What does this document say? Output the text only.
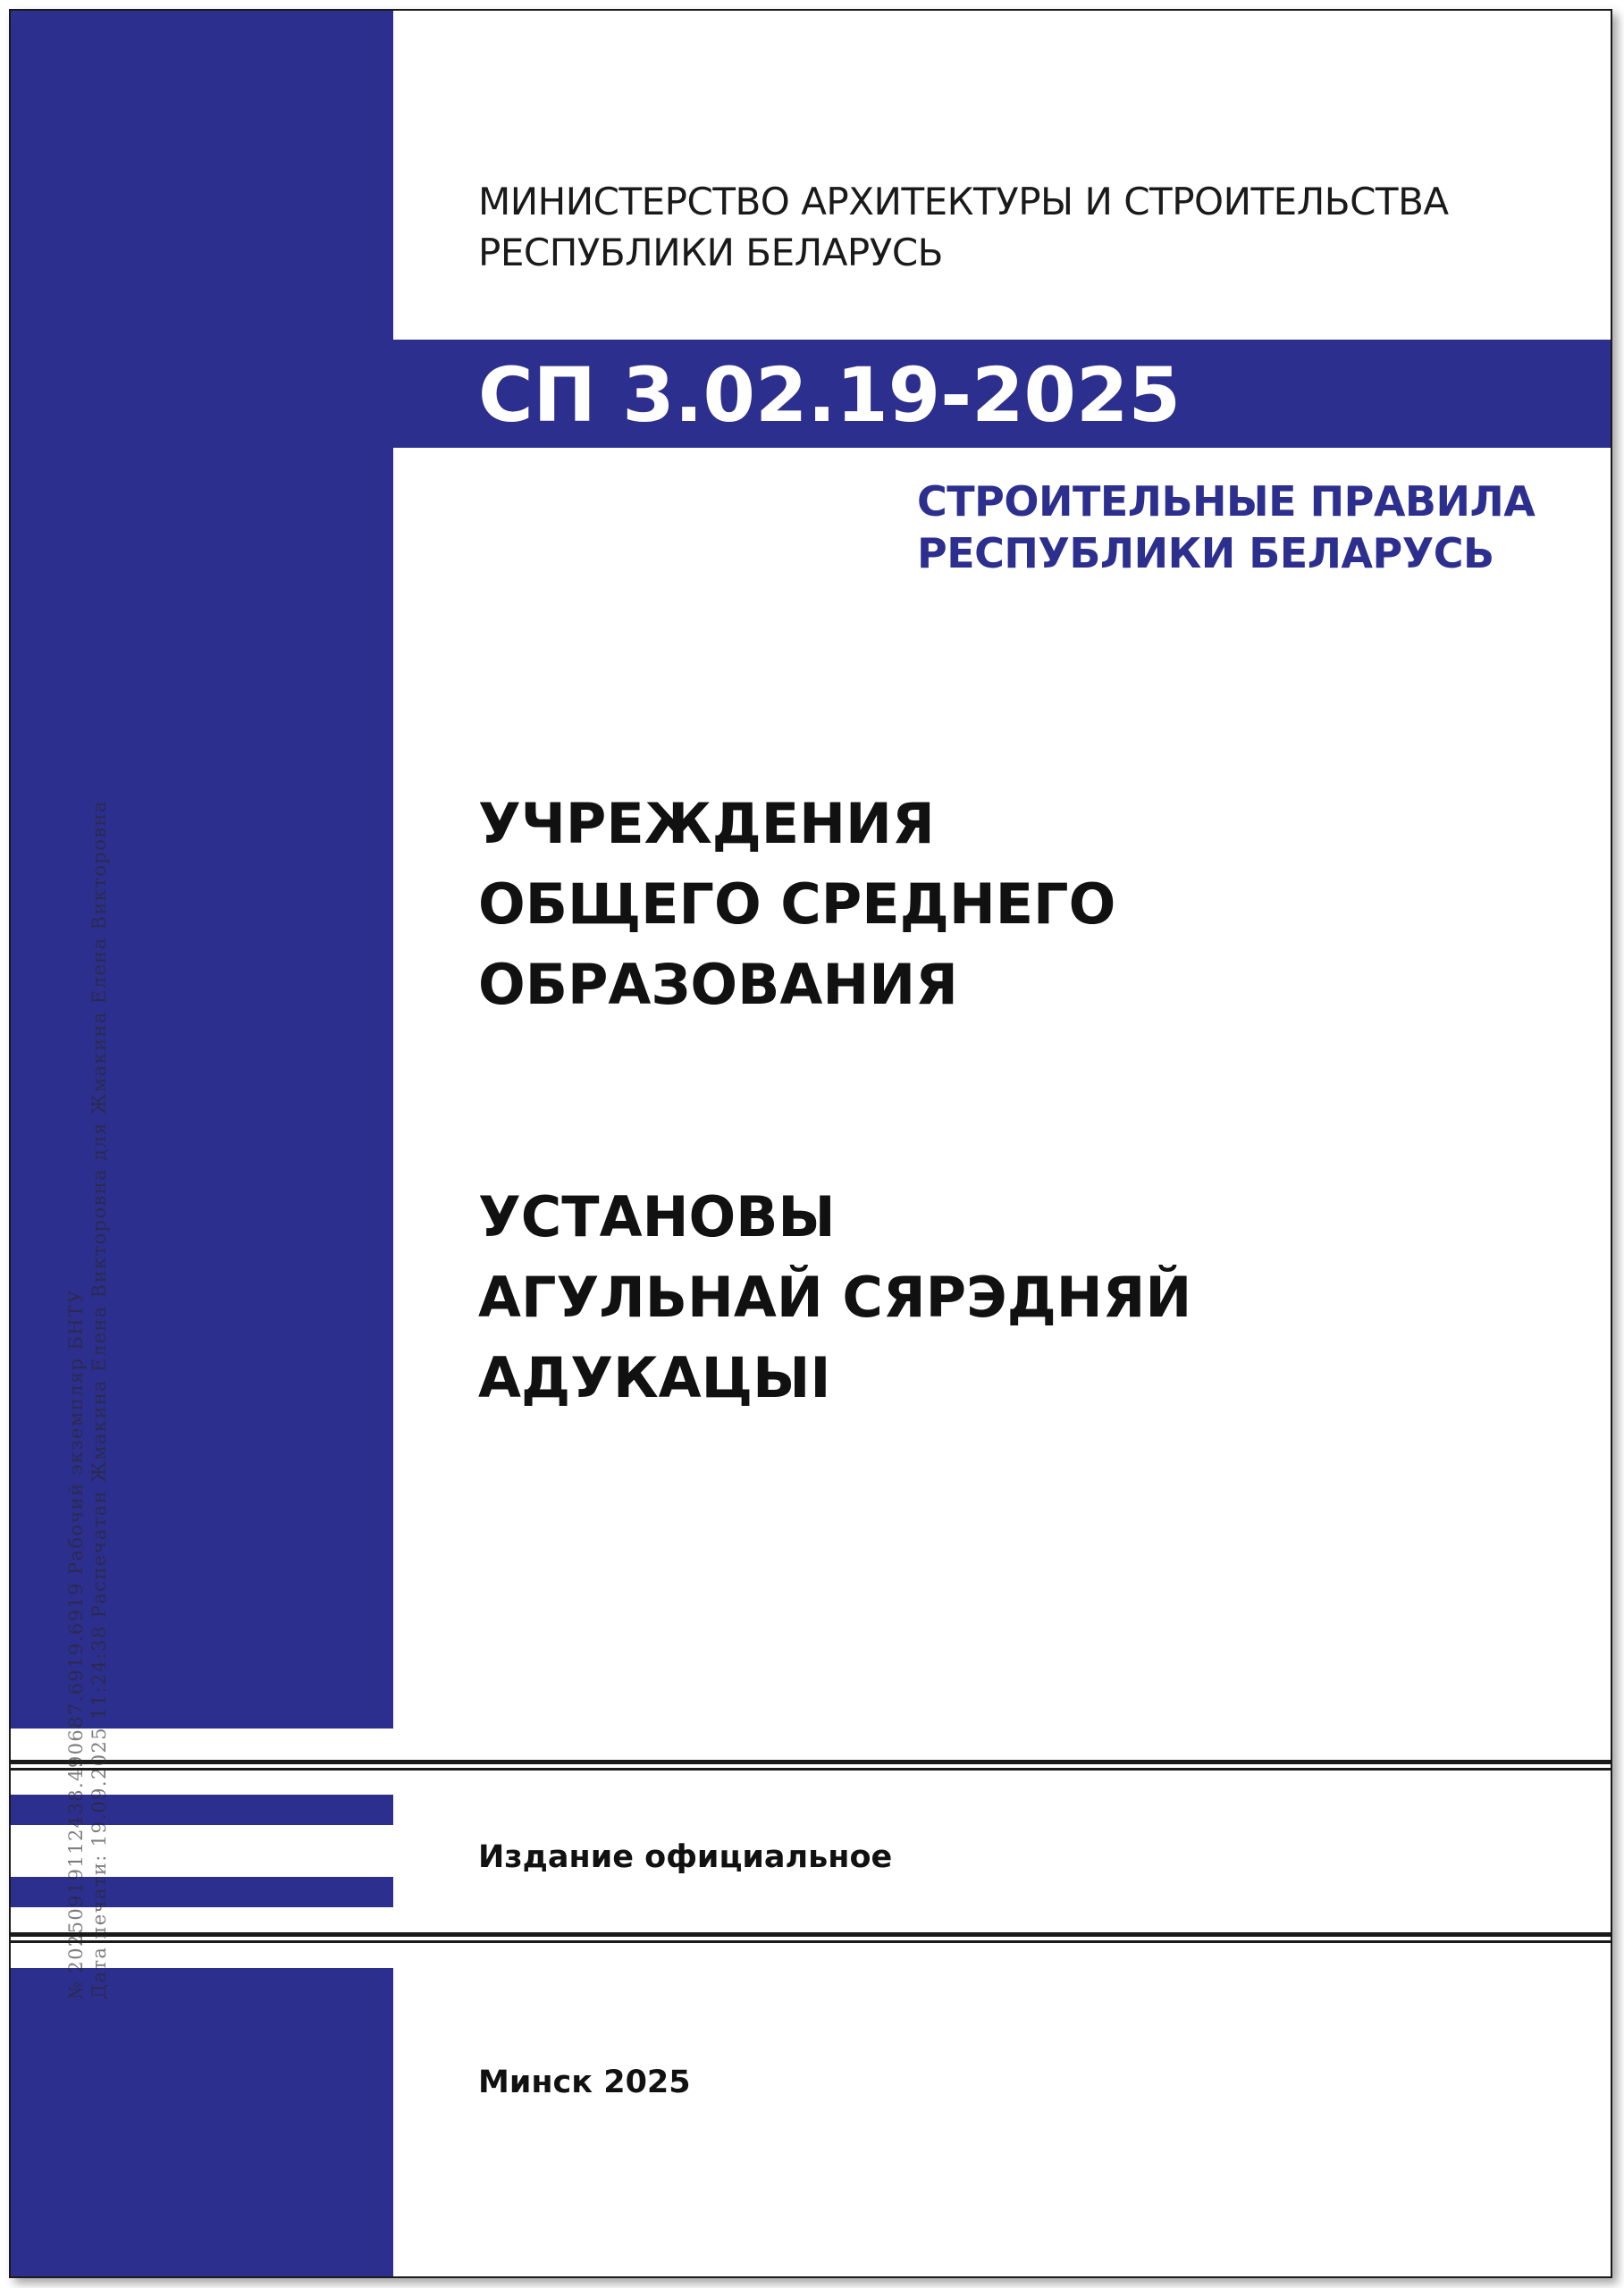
МИНИСТЕРСТВО АРХИТЕКТУРЫ И СТРОИТЕЛЬСТВА
РЕСПУБЛИКИ БЕЛАРУСЬ
СП 3.02.19-2025
СТРОИТЕЛЬНЫЕ ПРАВИЛА
РЕСПУБЛИКИ БЕЛАРУСЬ
УЧРЕЖДЕНИЯ
ОБЩЕГО СРЕДНЕГО
ОБРАЗОВАНИЯ
УСТАНОВЫ
АГУЛЬНАЙ СЯРЭДНЯЙ
АДУКАЦЫІ
Издание официальное
Минск 2025
№ 20250919112438.490687.6919.6919 Рабочий экземпляр БНТУ Дата печати: 19.09.2025 11:24:38 Распечатан Жмакина Елена Викторовна для Жмакина Елена Викторовна
